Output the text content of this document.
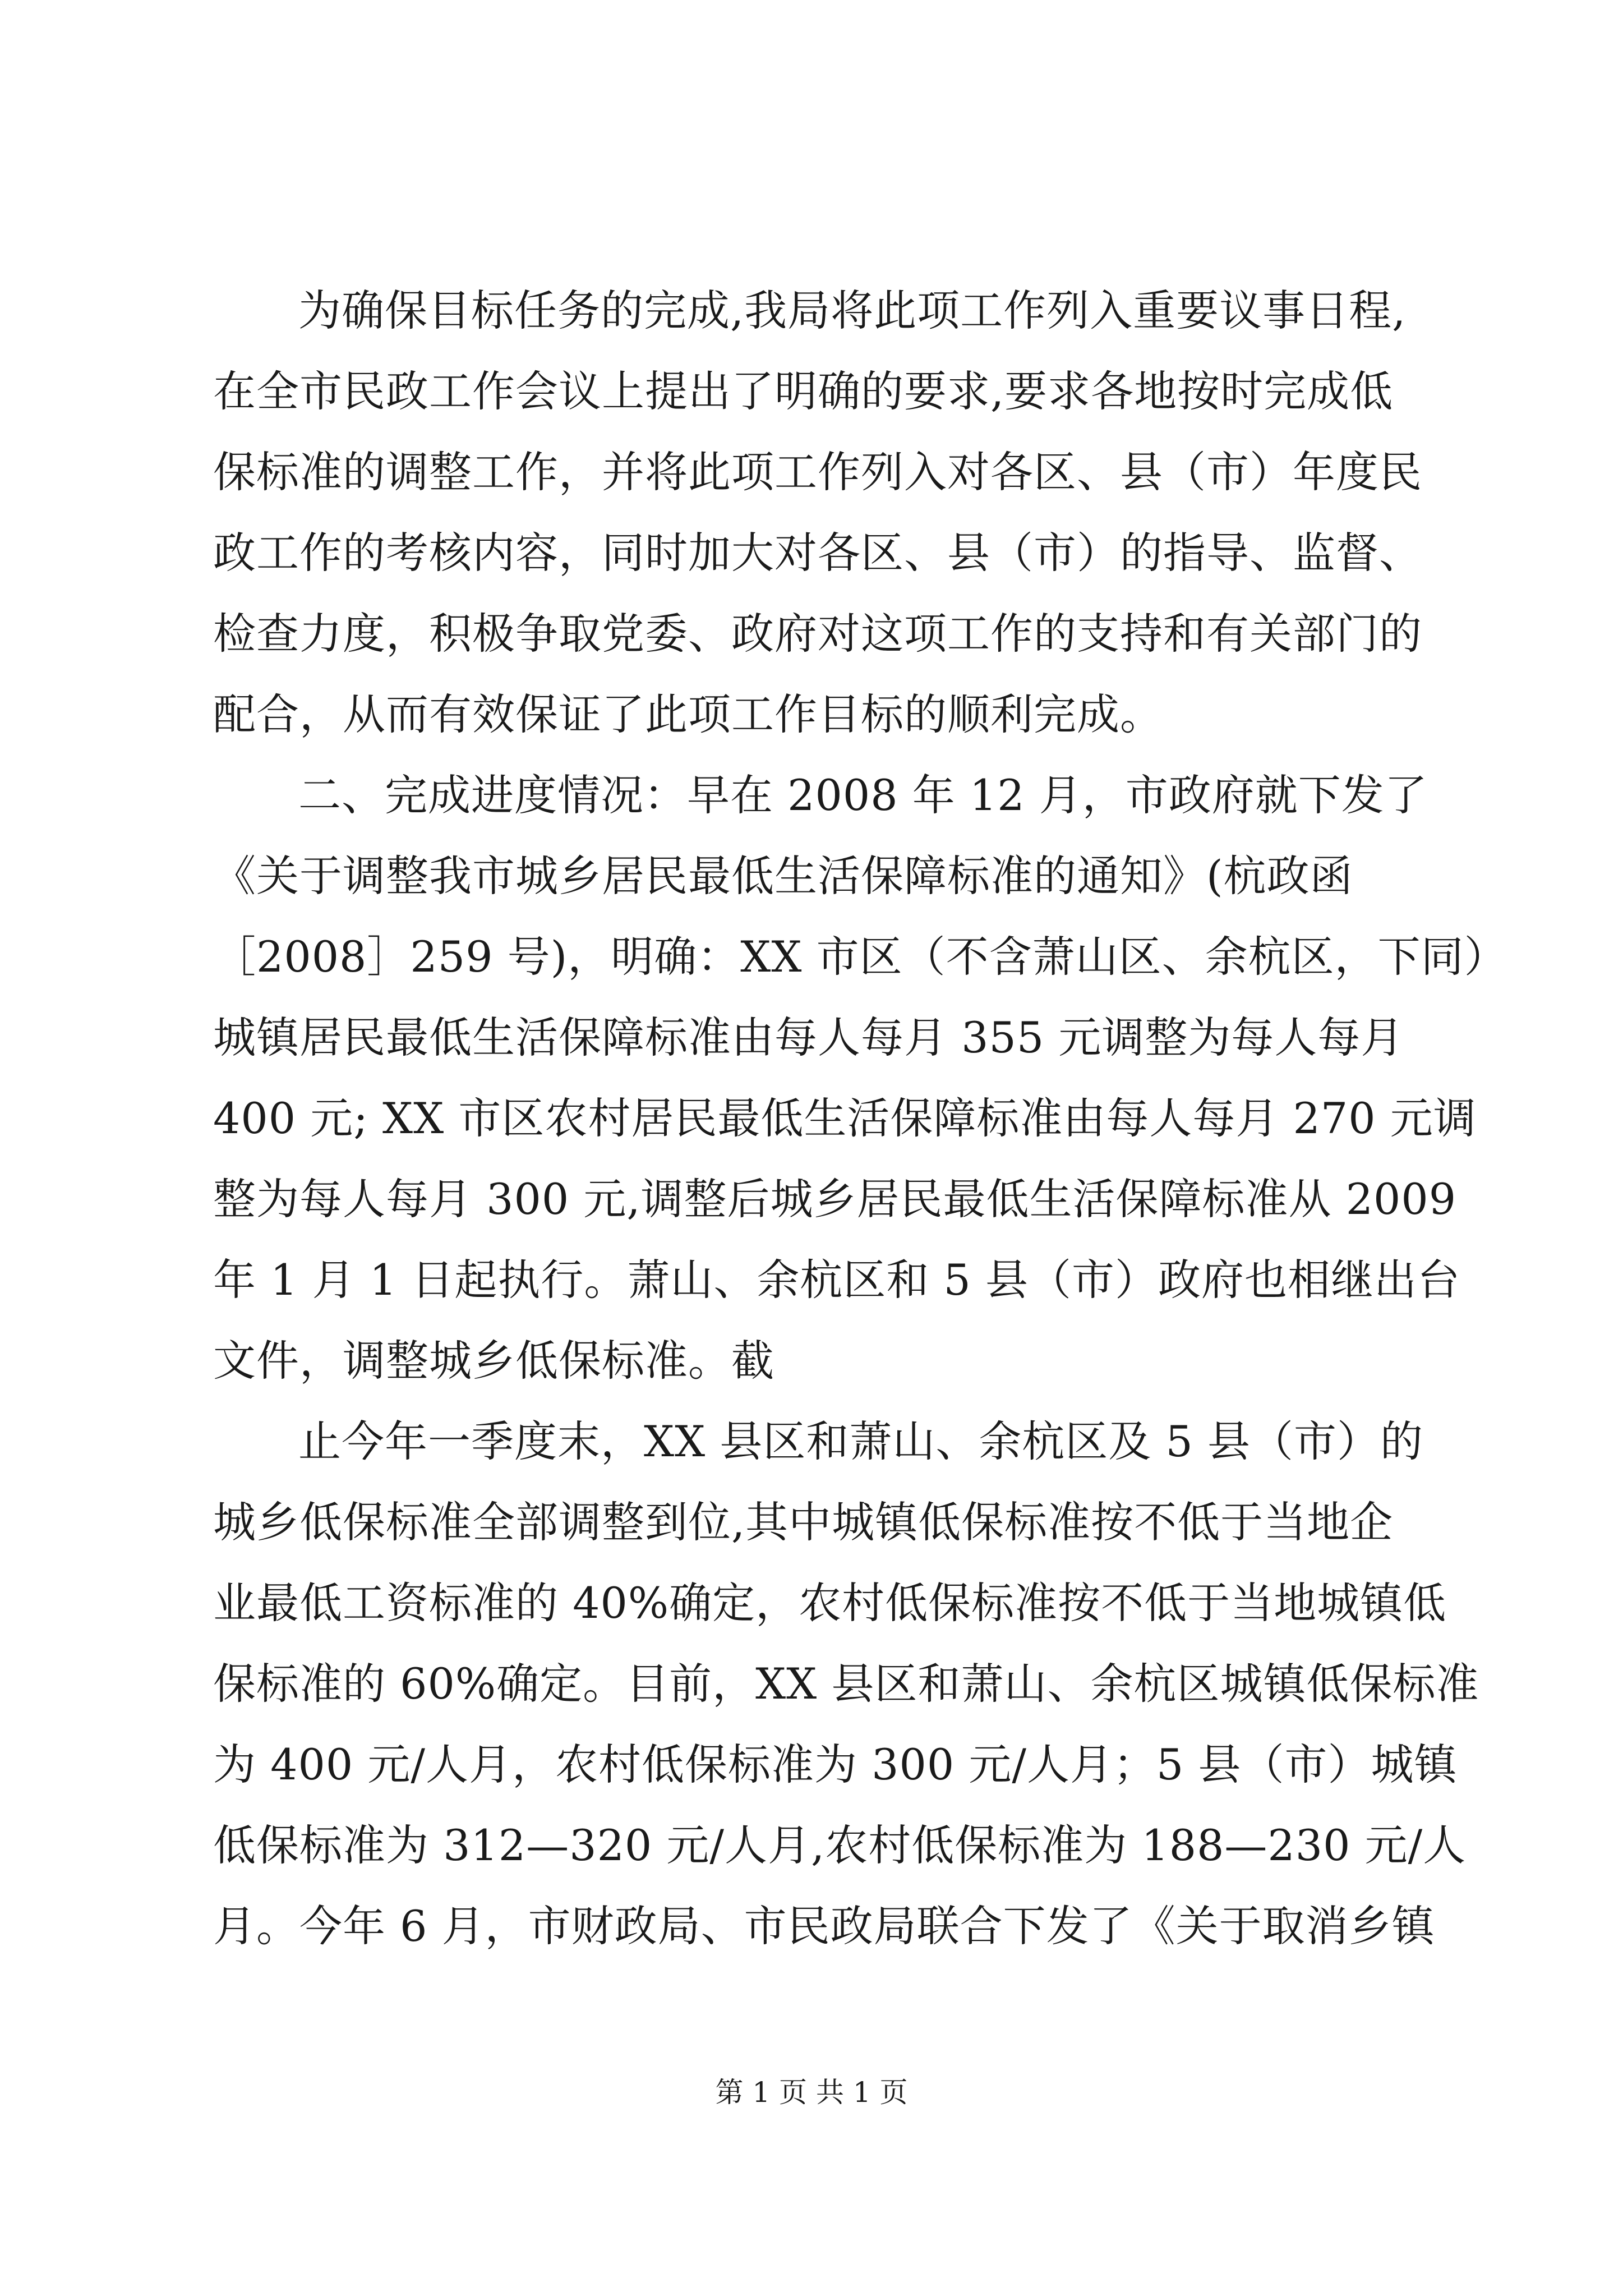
为确保目标任务的完成,我局将此项工作列入重要议事日程,
在全市民政工作会议上提出了明确的要求,要求各地按时完成低
保标准的调整工作，并将此项工作列入对各区、县（市）年度民
政工作的考核内容，同时加大对各区、县（市）的指导、监督、
检查力度，积极争取党委、政府对这项工作的支持和有关部门的
配合，从而有效保证了此项工作目标的顺利完成。
二、完成进度情况：早在 2008 年 12 月，市政府就下发了
《关于调整我市城乡居民最低生活保障标准的通知》(杭政函
［2008］259 号)，明确：XX 市区（不含萧山区、余杭区，下同）
城镇居民最低生活保障标准由每人每月 355 元调整为每人每月
400 元; XX 市区农村居民最低生活保障标准由每人每月 270 元调
整为每人每月 300 元,调整后城乡居民最低生活保障标准从 2009
年 1 月 1 日起执行。萧山、余杭区和 5 县（市）政府也相继出台
文件，调整城乡低保标准。截
止今年一季度末，XX 县区和萧山、余杭区及 5 县（市）的
城乡低保标准全部调整到位,其中城镇低保标准按不低于当地企
业最低工资标准的 40%确定，农村低保标准按不低于当地城镇低
保标准的 60%确定。目前，XX 县区和萧山、余杭区城镇低保标准
为 400 元/人月，农村低保标准为 300 元/人月；5 县（市）城镇
低保标准为 312—320 元/人月,农村低保标准为 188—230 元/人
月。今年 6 月，市财政局、市民政局联合下发了《关于取消乡镇
第 1 页 共 1 页
